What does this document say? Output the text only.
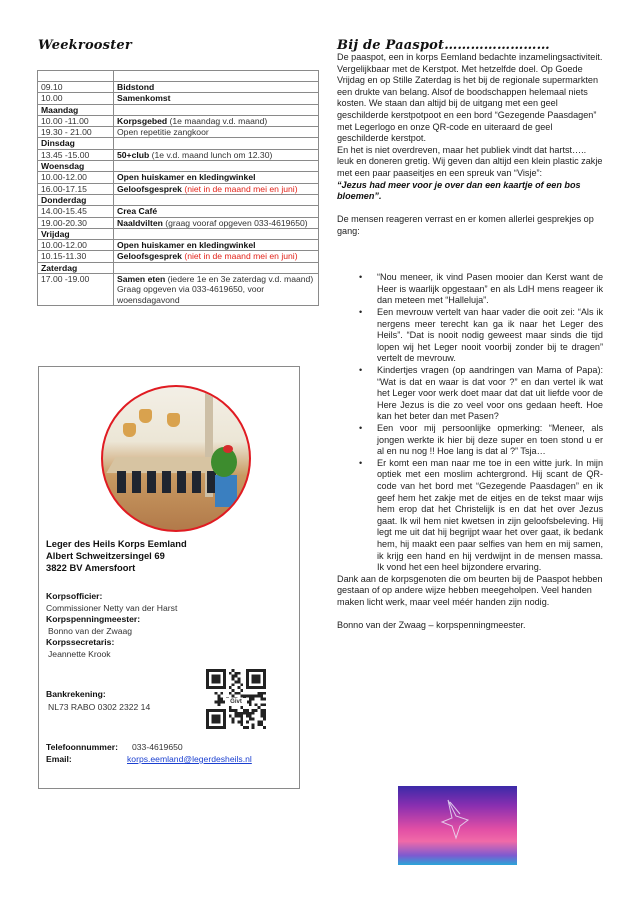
Weekrooster

09.10	Bidstond
10.00	Samenkomst
Maandag	
10.00 -11.00	Korpsgebed (1e maandag v.d. maand)
19.30 - 21.00	Open repetitie zangkoor
Dinsdag	
13.45 -15.00	50+club (1e v.d. maand lunch om 12.30)
Woensdag	
10.00-12.00	Open huiskamer en kledingwinkel
16.00-17.15	Geloofsgesprek (niet in de maand mei en juni)
Donderdag	
14.00-15.45	Crea Café
19.00-20.30	Naaldvilten (graag vooraf opgeven 033-4619650)
Vrijdag	
10.00-12.00	Open huiskamer en kledingwinkel
10.15-11.30	Geloofsgesprek (niet in de maand mei en juni)
Zaterdag	
17.00 -19.00	Samen eten (iedere 1e en 3e zaterdag v.d. maand) Graag opgeven via 033-4619650, voor woensdagavond
Leger des Heils Korps Eemland
Albert Schweitzersingel 69
3822 BV Amersfoort
Korpsofficier:
Commissioner Netty van der Harst
Korpspenningmeester:
Bonno van der Zwaag
Korpssecretaris:
Jeannette Krook
Bankrekening:
NL73 RABO 0302 2322 14	Givt
Telefoonnummer: 033-4619650
Email:	korps.eemland@legerdesheils.nl
Bij de Paaspot……………………

De paaspot, een in korps Eemland bedachte inzamelingsactiviteit. Vergelijkbaar met de Kerstpot. Met hetzelfde doel. Op Goede Vrijdag en op Stille Zaterdag is het bij de regionale supermarkten een drukte van belang. Alsof de boodschappen helemaal niets kosten. We staan dan altijd bij de uitgang met een geel geschilderde kerstpotpoot en een bord “Gezegende Paasdagen” met Legerlogo en onze QR-code en uiteraard de geel geschilderde kerstpot.

En het is niet overdreven, maar het publiek vindt dat hartst….. leuk en doneren gretig. Wij geven dan altijd een klein plastic zakje met een paar paaseitjes en een spreuk van “Visje”:

“Jezus had meer voor je over dan een kaartje of een bos bloemen”.

De mensen reageren verrast en er komen allerlei gesprekjes op gang:

• “Nou meneer, ik vind Pasen mooier dan Kerst want de Heer is waarlijk opgestaan” en als LdH mens reageer ik dan meteen met “Halleluja”.
• Een mevrouw vertelt van haar vader die ooit zei: “Als ik nergens meer terecht kan ga ik naar het Leger des Heils”. “Dat is nooit nodig geweest maar sinds die tijd lopen wij het Leger nooit voorbij zonder bij te dragen” vertelt de mevrouw.
• Kindertjes vragen (op aandringen van Mama of Papa): “Wat is dat en waar is dat voor ?” en dan vertel ik wat het Leger voor werk doet maar dat dat uit liefde voor de Here Jezus is die zo veel voor ons gedaan heeft. Hoe kan het beter dan met Pasen?
• Een voor mij persoonlijke opmerking: “Meneer, als jongen werkte ik hier bij deze super en toen stond u er al en nu nog !! Hoe lang is dat al ?” Tsja…
• Er komt een man naar me toe in een witte jurk. In mijn optiek met een moslim achtergrond. Hij scant de QR-code van het bord met “Gezegende Paasdagen” en ik geef hem het zakje met de eitjes en de tekst maar wijs hem erop dat het Christelijk is en dat het over Jezus gaat. Ik wil hem niet kwetsen in zijn geloofsbeleving. Hij legt me uit dat hij begrijpt waar het over gaat, ik bedank hem, hij maakt een paar selfies van hem en mij samen, ik krijg een hand en hij verdwijnt in de mensen massa. Ik vond het een heel bijzondere ervaring.

Dank aan de korpsgenoten die om beurten bij de Paaspot hebben gestaan of op andere wijze hebben meegeholpen. Veel handen maken licht werk, maar veel méér handen zijn nodig.

Bonno van der Zwaag – korpspenningmeester.
